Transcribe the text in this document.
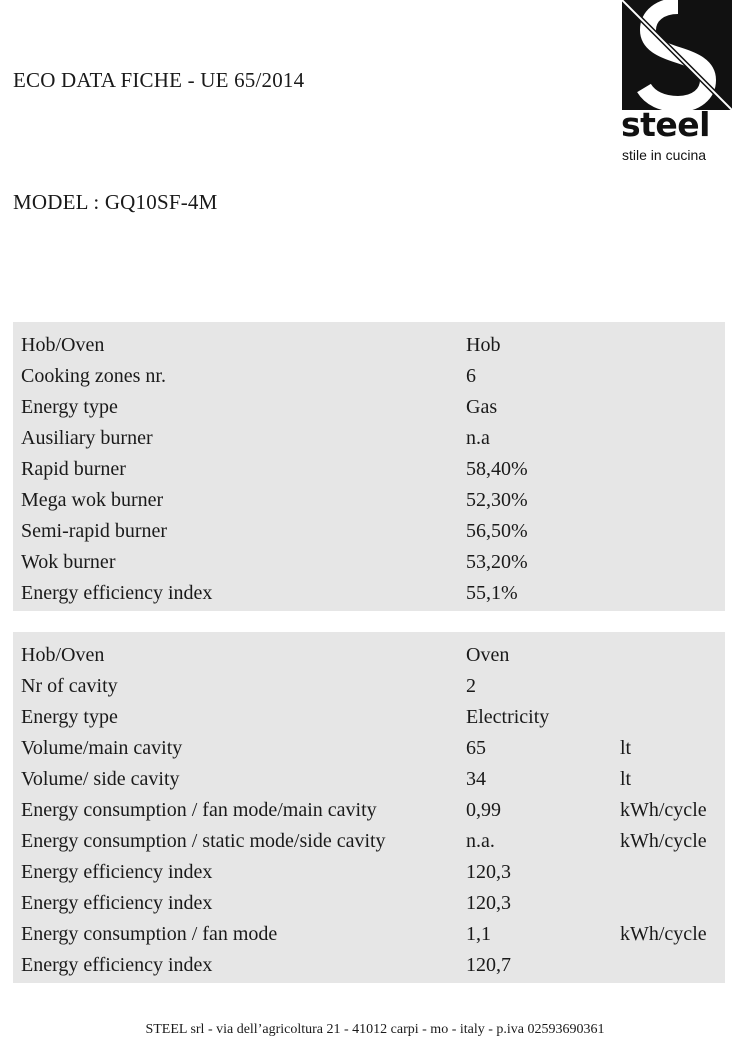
ECO DATA FICHE - UE 65/2014
MODEL : GQ10SF-4M
steel
stile in cucina
Hob/Oven	Hob
Cooking zones nr.	6
Energy type	Gas
Ausiliary burner	n.a
Rapid burner	58,40%
Mega wok burner	52,30%
Semi-rapid burner	56,50%
Wok burner	53,20%
Energy efficiency index	55,1%
Hob/Oven	Oven
Nr of cavity	2
Energy type	Electricity
Volume/main cavity	65	lt
Volume/ side cavity	34	lt
Energy consumption / fan mode/main cavity	0,99	kWh/cycle
Energy consumption / static mode/side cavity	n.a.	kWh/cycle
Energy efficiency index	120,3
Energy efficiency index	120,3
Energy consumption / fan mode	1,1	kWh/cycle
Energy efficiency index	120,7
STEEL srl - via dell’agricoltura 21 - 41012 carpi - mo - italy - p.iva 02593690361
